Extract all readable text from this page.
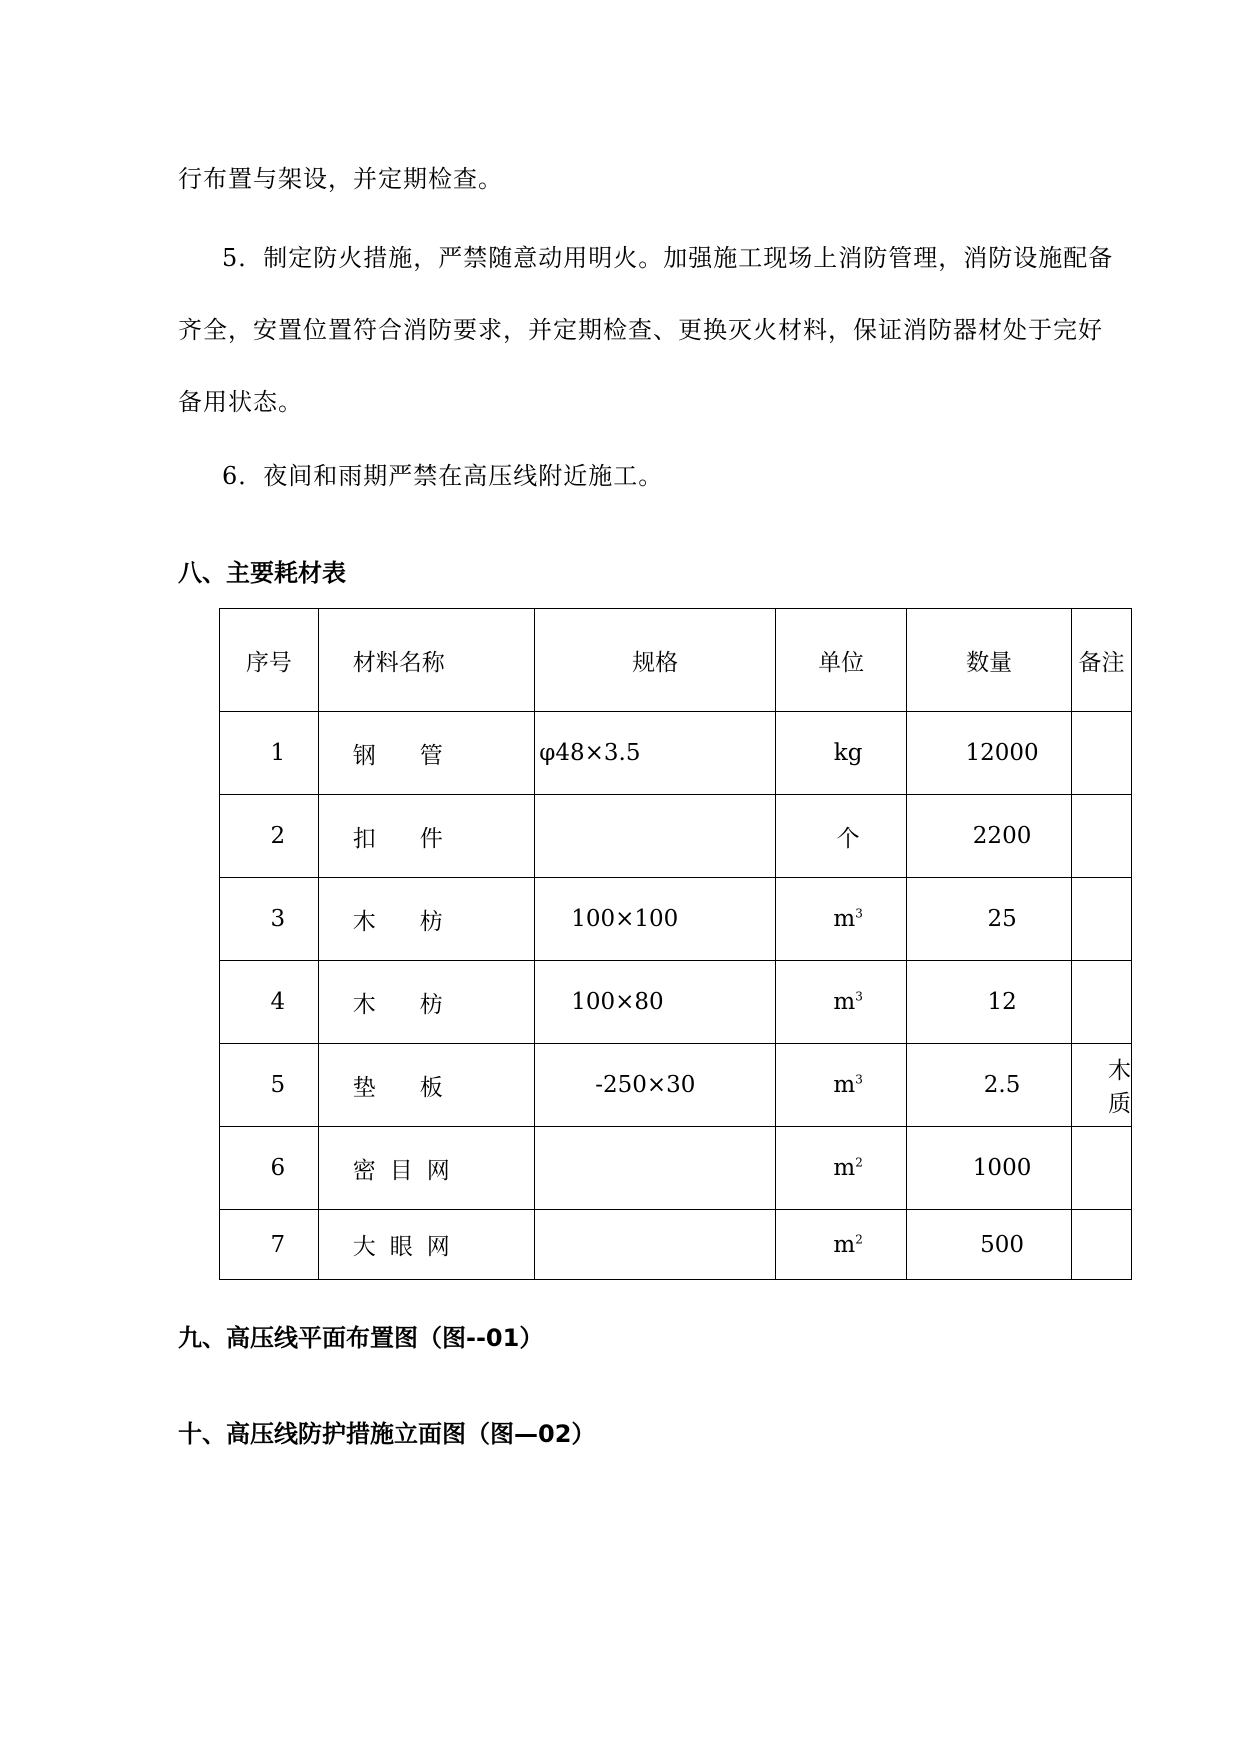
行布置与架设，并定期检查。

5．制定防火措施，严禁随意动用明火。加强施工现场上消防管理，消防设施配备齐全，安置位置符合消防要求，并定期检查、更换灭火材料，保证消防器材处于完好备用状态。

6．夜间和雨期严禁在高压线附近施工。

八、主要耗材表
序号	材料名称	规格	单位	数量	备注
1	钢管	φ48×3.5	kg	12000	
2	扣件		个	2200	
3	木枋	100×100	$m^3$	25	
4	木枋	100×80	$m^3$	12	
5	垫板	-250×30	$m^3$	2.5	木质
6	密目网		$m^2$	1000	
7	大眼网		$m^2$	500	
九、高压线平面布置图（图--01）
十、高压线防护措施立面图（图—02）
